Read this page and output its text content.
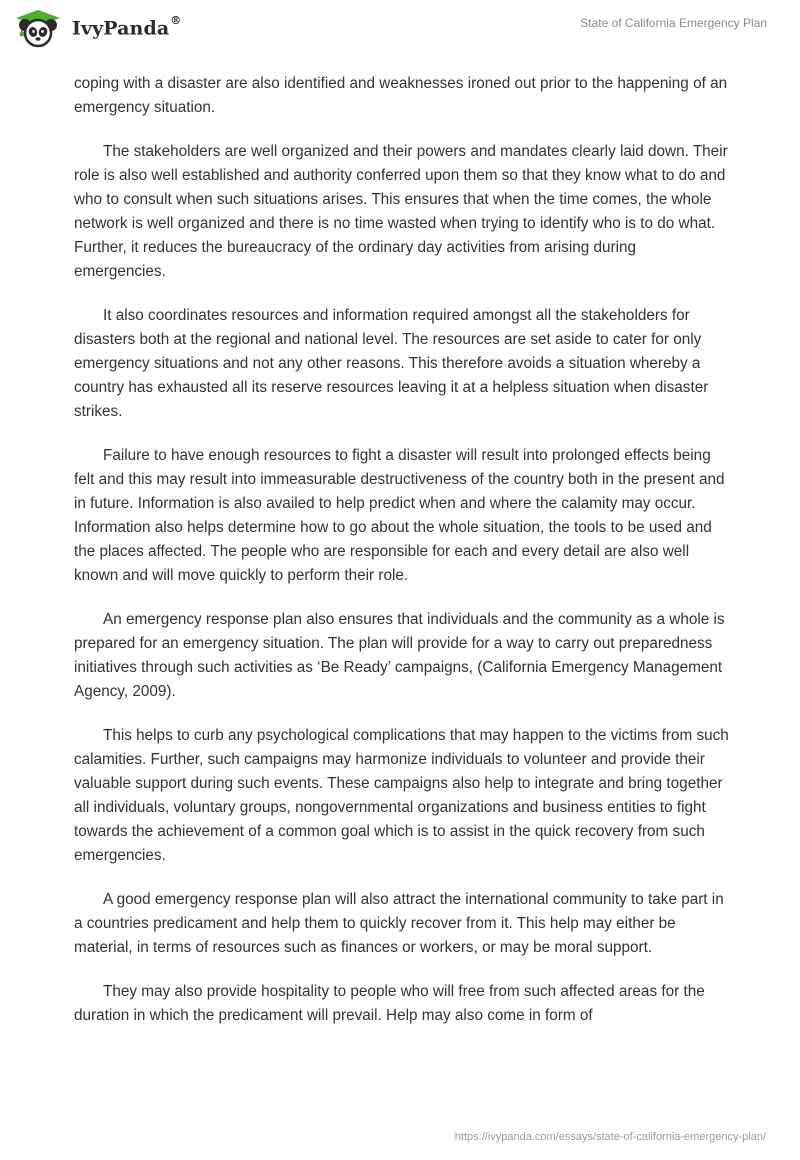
IvyPanda®	State of California Emergency Plan

coping with a disaster are also identified and weaknesses ironed out prior to the happening of an emergency situation.

The stakeholders are well organized and their powers and mandates clearly laid down. Their role is also well established and authority conferred upon them so that they know what to do and who to consult when such situations arises. This ensures that when the time comes, the whole network is well organized and there is no time wasted when trying to identify who is to do what. Further, it reduces the bureaucracy of the ordinary day activities from arising during emergencies.

It also coordinates resources and information required amongst all the stakeholders for disasters both at the regional and national level. The resources are set aside to cater for only emergency situations and not any other reasons. This therefore avoids a situation whereby a country has exhausted all its reserve resources leaving it at a helpless situation when disaster strikes.

Failure to have enough resources to fight a disaster will result into prolonged effects being felt and this may result into immeasurable destructiveness of the country both in the present and in future. Information is also availed to help predict when and where the calamity may occur. Information also helps determine how to go about the whole situation, the tools to be used and the places affected. The people who are responsible for each and every detail are also well known and will move quickly to perform their role.

An emergency response plan also ensures that individuals and the community as a whole is prepared for an emergency situation. The plan will provide for a way to carry out preparedness initiatives through such activities as ‘Be Ready’ campaigns, (California Emergency Management Agency, 2009).

This helps to curb any psychological complications that may happen to the victims from such calamities. Further, such campaigns may harmonize individuals to volunteer and provide their valuable support during such events. These campaigns also help to integrate and bring together all individuals, voluntary groups, nongovernmental organizations and business entities to fight towards the achievement of a common goal which is to assist in the quick recovery from such emergencies.

A good emergency response plan will also attract the international community to take part in a countries predicament and help them to quickly recover from it. This help may either be material, in terms of resources such as finances or workers, or may be moral support.

They may also provide hospitality to people who will free from such affected areas for the duration in which the predicament will prevail. Help may also come in form of

https://ivypanda.com/essays/state-of-california-emergency-plan/
